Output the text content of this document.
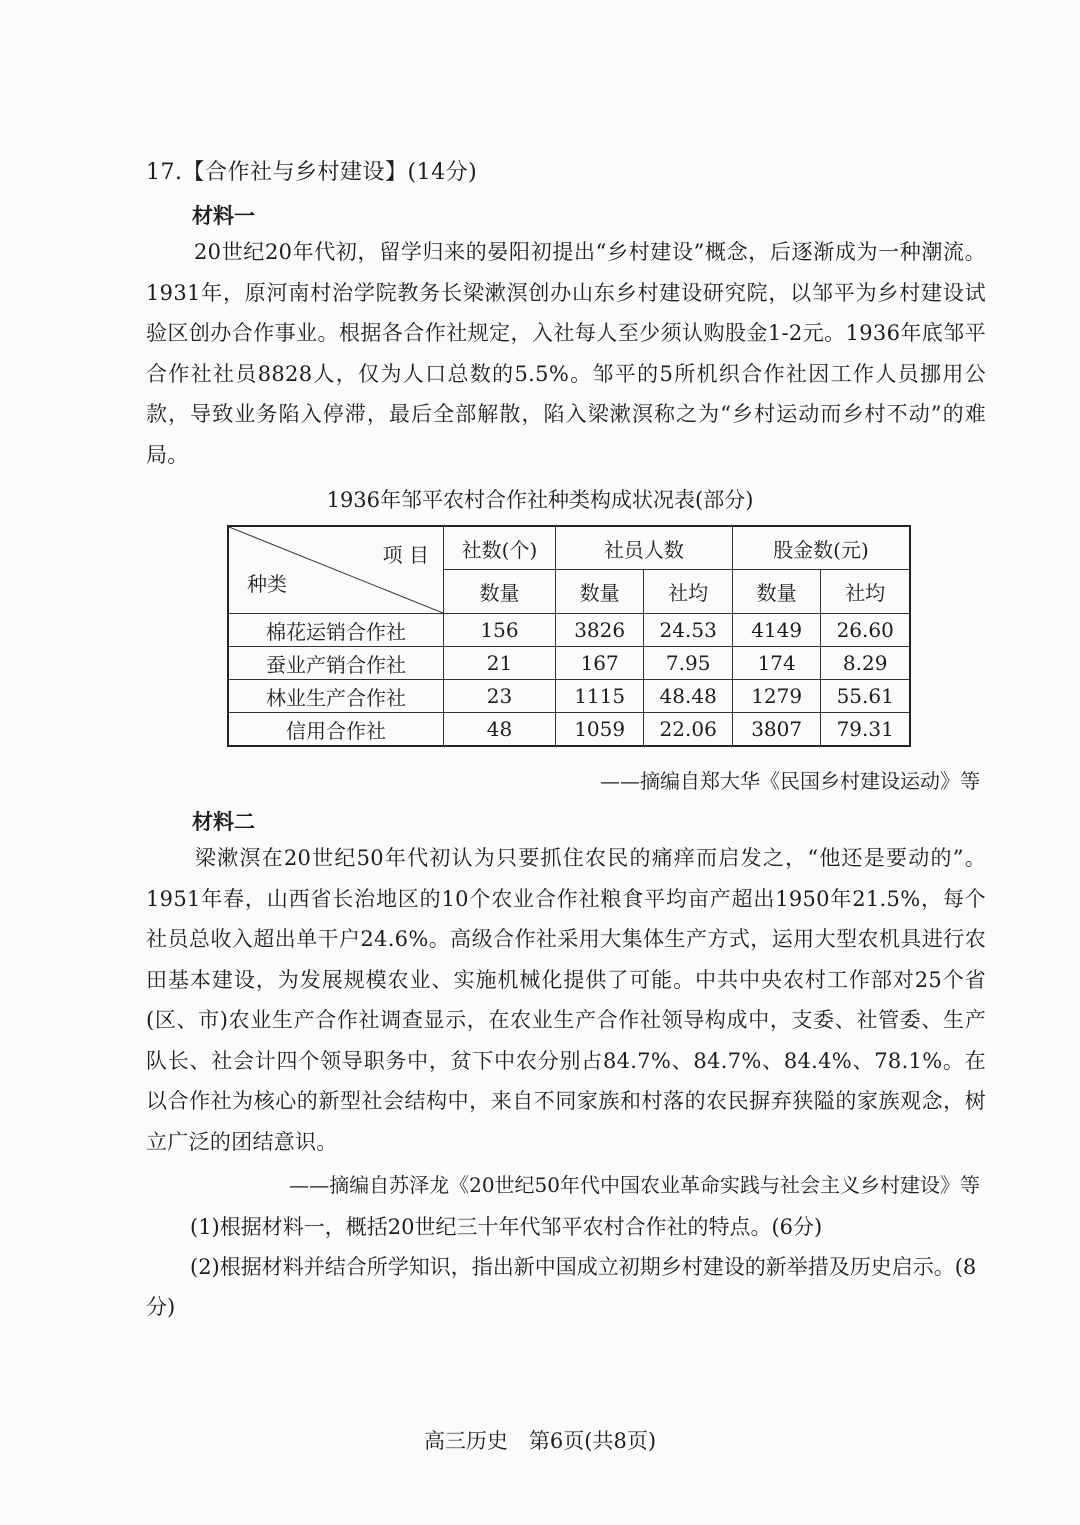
17.【合作社与乡村建设】(14分)
材料一
20世纪20年代初，留学归来的晏阳初提出“乡村建设”概念，后逐渐成为一种潮流。1931年，原河南村治学院教务长梁漱溟创办山东乡村建设研究院，以邹平为乡村建设试验区创办合作事业。根据各合作社规定，入社每人至少须认购股金1-2元。1936年底邹平合作社社员8828人，仅为人口总数的5.5%。邹平的5所机织合作社因工作人员挪用公款，导致业务陷入停滞，最后全部解散，陷入梁漱溟称之为“乡村运动而乡村不动”的难局。
1936年邹平农村合作社种类构成状况表(部分)
项 目
种类	社数(个)	社员人数		股金数(元)	
	数量	数量	社均	数量	社均
棉花运销合作社	156	3826	24.53	4149	26.60
蚕业产销合作社	21	167	7.95	174	8.29
林业生产合作社	23	1115	48.48	1279	55.61
信用合作社	48	1059	22.06	3807	79.31
——摘编自郑大华《民国乡村建设运动》等
材料二
梁漱溟在20世纪50年代初认为只要抓住农民的痛痒而启发之，“他还是要动的”。1951年春，山西省长治地区的10个农业合作社粮食平均亩产超出1950年21.5%，每个社员总收入超出单干户24.6%。高级合作社采用大集体生产方式，运用大型农机具进行农田基本建设，为发展规模农业、实施机械化提供了可能。中共中央农村工作部对25个省(区、市)农业生产合作社调查显示，在农业生产合作社领导构成中，支委、社管委、生产队长、社会计四个领导职务中，贫下中农分别占84.7%、84.7%、84.4%、78.1%。在以合作社为核心的新型社会结构中，来自不同家族和村落的农民摒弃狭隘的家族观念，树立广泛的团结意识。
——摘编自苏泽龙《20世纪50年代中国农业革命实践与社会主义乡村建设》等
(1)根据材料一，概括20世纪三十年代邹平农村合作社的特点。(6分)
(2)根据材料并结合所学知识，指出新中国成立初期乡村建设的新举措及历史启示。(8分)
高三历史　第6页(共8页)
